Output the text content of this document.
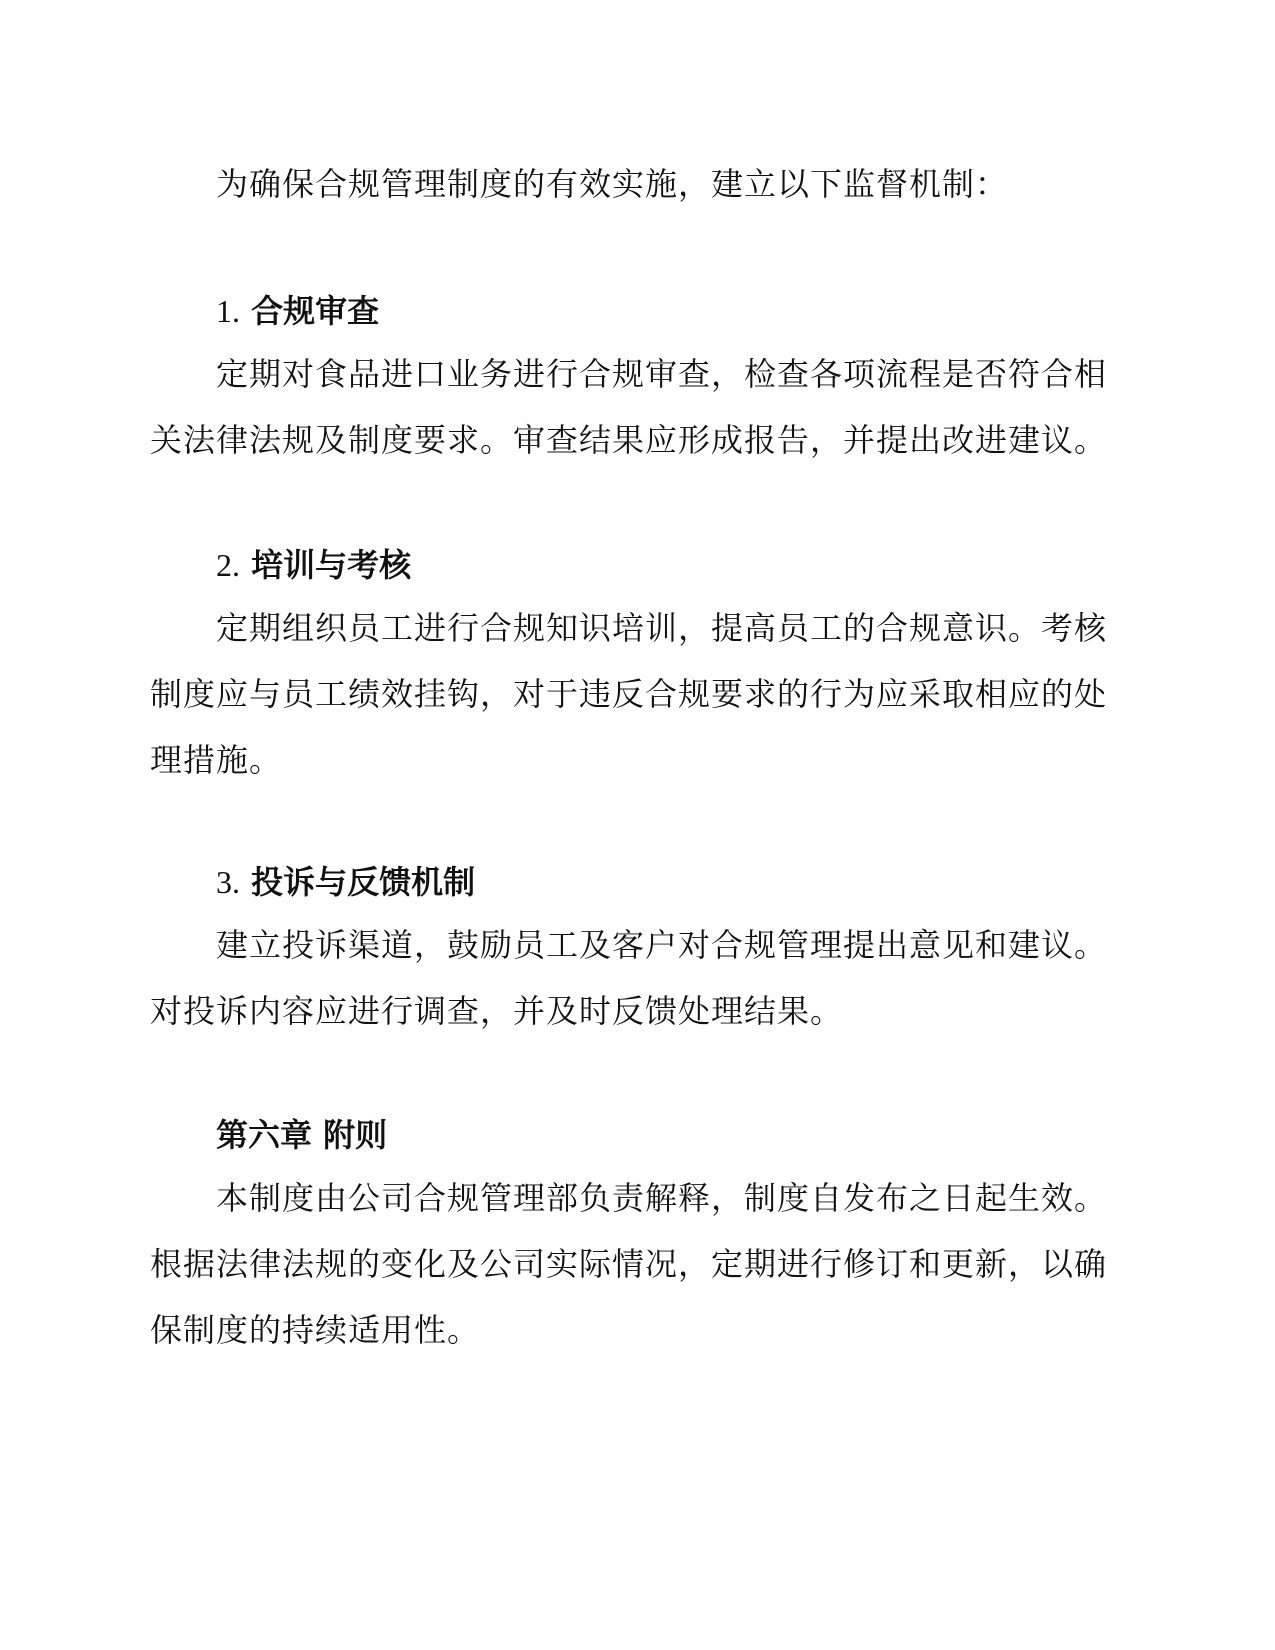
为确保合规管理制度的有效实施，建立以下监督机制：

1. 合规审查

定期对食品进口业务进行合规审查，检查各项流程是否符合相关法律法规及制度要求。审查结果应形成报告，并提出改进建议。

2. 培训与考核

定期组织员工进行合规知识培训，提高员工的合规意识。考核制度应与员工绩效挂钩，对于违反合规要求的行为应采取相应的处理措施。

3. 投诉与反馈机制

建立投诉渠道，鼓励员工及客户对合规管理提出意见和建议。对投诉内容应进行调查，并及时反馈处理结果。

第六章 附则

本制度由公司合规管理部负责解释，制度自发布之日起生效。根据法律法规的变化及公司实际情况，定期进行修订和更新，以确保制度的持续适用性。
